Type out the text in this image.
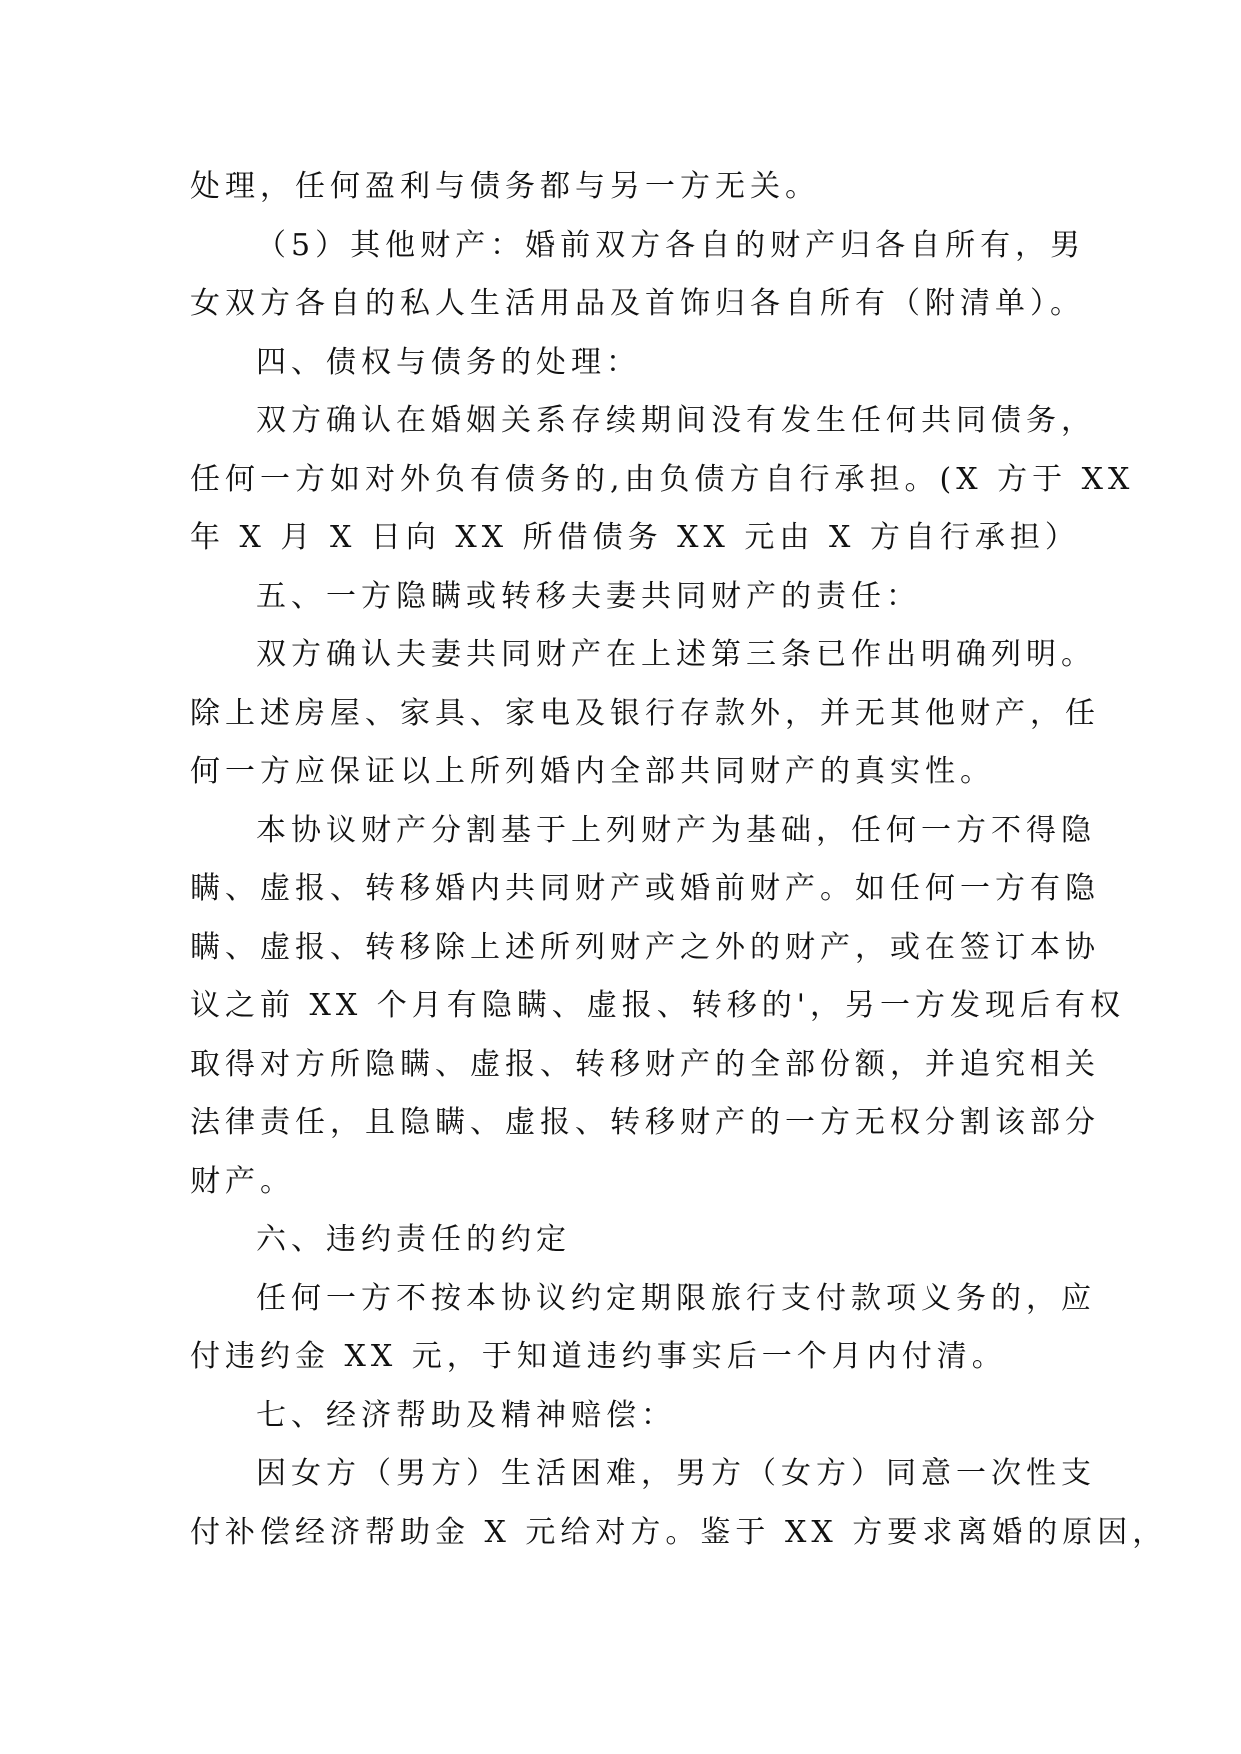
处理，任何盈利与债务都与另一方无关。
（5）其他财产：婚前双方各自的财产归各自所有，男
女双方各自的私人生活用品及首饰归各自所有（附清单）。
四、债权与债务的处理：
双方确认在婚姻关系存续期间没有发生任何共同债务，
任何一方如对外负有债务的,由负债方自行承担。(X 方于 XX
年 X 月 X 日向 XX 所借债务 XX 元由 X 方自行承担）
五、一方隐瞒或转移夫妻共同财产的责任：
双方确认夫妻共同财产在上述第三条已作出明确列明。
除上述房屋、家具、家电及银行存款外，并无其他财产，任
何一方应保证以上所列婚内全部共同财产的真实性。
本协议财产分割基于上列财产为基础，任何一方不得隐
瞒、虚报、转移婚内共同财产或婚前财产。如任何一方有隐
瞒、虚报、转移除上述所列财产之外的财产，或在签订本协
议之前 XX 个月有隐瞒、虚报、转移的'，另一方发现后有权
取得对方所隐瞒、虚报、转移财产的全部份额，并追究相关
法律责任，且隐瞒、虚报、转移财产的一方无权分割该部分
财产。
六、违约责任的约定
任何一方不按本协议约定期限旅行支付款项义务的，应
付违约金 XX 元，于知道违约事实后一个月内付清。
七、经济帮助及精神赔偿：
因女方（男方）生活困难，男方（女方）同意一次性支
付补偿经济帮助金 X 元给对方。鉴于 XX 方要求离婚的原因，
